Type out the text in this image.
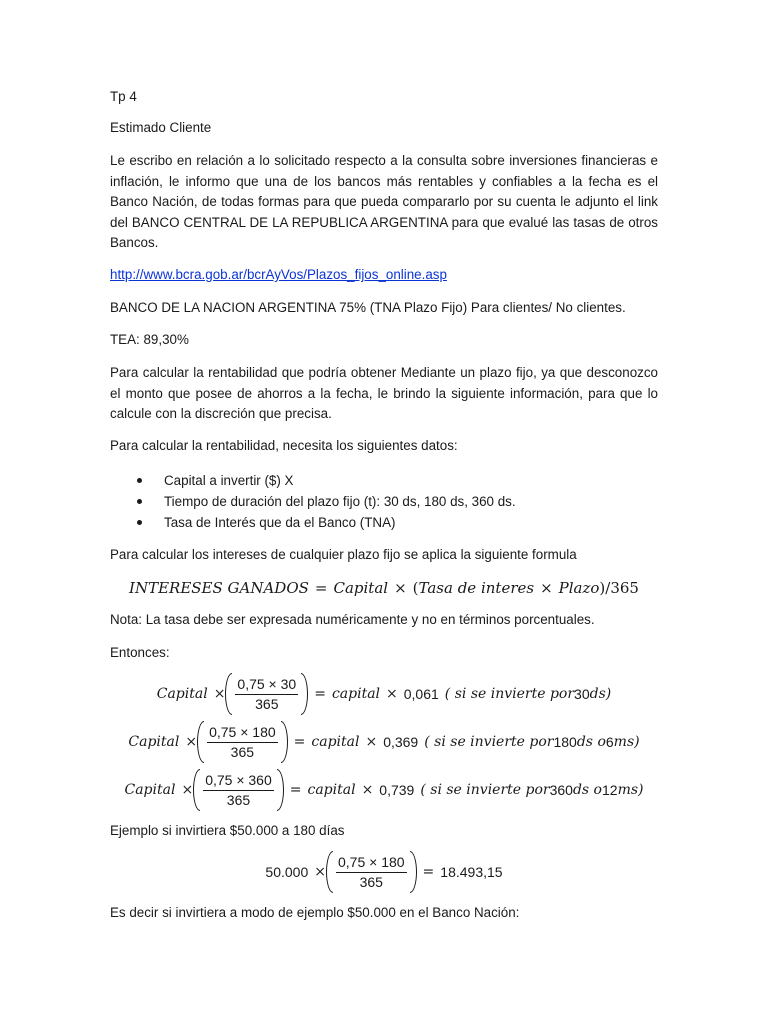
Tp 4
Estimado Cliente
Le escribo en relación a lo solicitado respecto a la consulta sobre inversiones financieras e inflación, le informo que una de los bancos más rentables y confiables a la fecha es el Banco Nación, de todas formas para que pueda compararlo por su cuenta le adjunto el link del BANCO CENTRAL DE LA REPUBLICA ARGENTINA para que evalué las tasas de otros Bancos.
http://www.bcra.gob.ar/bcrAyVos/Plazos_fijos_online.asp
BANCO DE LA NACION ARGENTINA 75% (TNA Plazo Fijo) Para clientes/ No clientes.
TEA: 89,30%
Para calcular la rentabilidad que podría obtener Mediante un plazo fijo, ya que desconozco el monto que posee de ahorros a la fecha, le brindo la siguiente información, para que lo calcule con la discreción que precisa.
Para calcular la rentabilidad, necesita los siguientes datos:
Capital a invertir ($) X
Tiempo de duración del plazo fijo (t): 30 ds, 180 ds, 360 ds.
Tasa de Interés que da el Banco (TNA)
Para calcular los intereses de cualquier plazo fijo se aplica la siguiente formula
INTERESES GANADOS = Capital × ( Tasa de interes × Plazo ) /365
Nota: La tasa debe ser expresada numéricamente y no en términos porcentuales.
Entonces:
Capital × $\frac{0,75 \times 30}{365}$ = capital × 0,061 ( si se invierte por 30 ds )
Capital × $\frac{0,75 \times 180}{365}$ = capital × 0,369 ( si se invierte por 180 ds o 6 ms )
Capital × $\frac{0,75 \times 360}{365}$ = capital × 0,739 ( si se invierte por 360 ds o 12 ms )
Ejemplo si invirtiera $50.000 a 180 días
$50.000 \times \frac{0,75 \times 180}{365} = 18.493,15$
Es decir si invirtiera a modo de ejemplo $50.000 en el Banco Nación:
